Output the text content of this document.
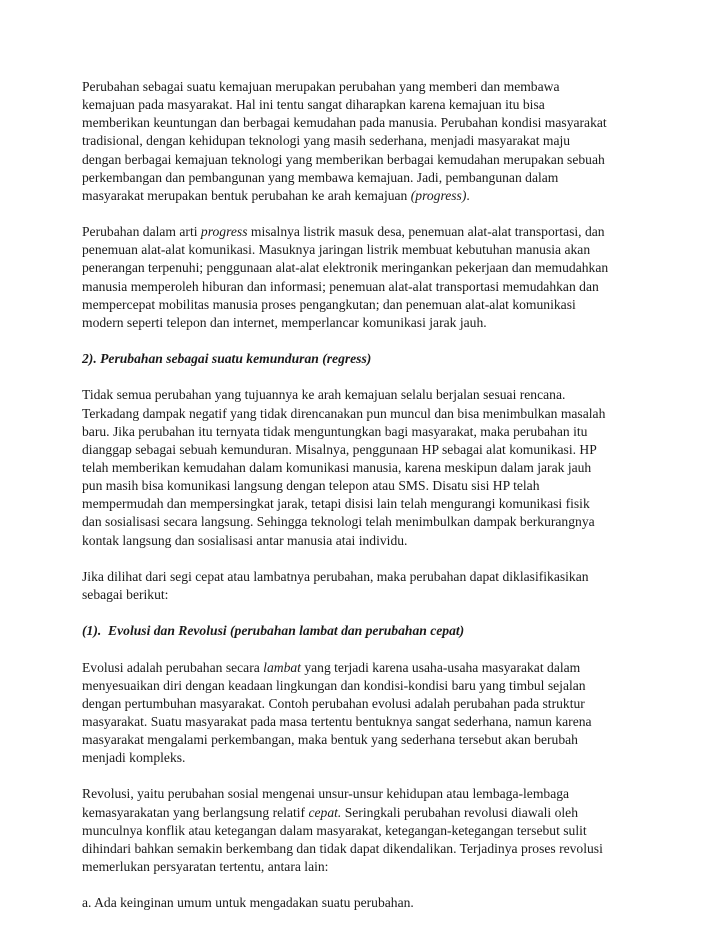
Perubahan sebagai suatu kemajuan merupakan perubahan yang memberi dan membawa
kemajuan pada masyarakat. Hal ini tentu sangat diharapkan karena kemajuan itu bisa
memberikan keuntungan dan berbagai kemudahan pada manusia. Perubahan kondisi masyarakat
tradisional, dengan kehidupan teknologi yang masih sederhana, menjadi masyarakat maju
dengan berbagai kemajuan teknologi yang memberikan berbagai kemudahan merupakan sebuah
perkembangan dan pembangunan yang membawa kemajuan. Jadi, pembangunan dalam
masyarakat merupakan bentuk perubahan ke arah kemajuan (progress).
Perubahan dalam arti progress misalnya listrik masuk desa, penemuan alat-alat transportasi, dan
penemuan alat-alat komunikasi. Masuknya jaringan listrik membuat kebutuhan manusia akan
penerangan terpenuhi; penggunaan alat-alat elektronik meringankan pekerjaan dan memudahkan
manusia memperoleh hiburan dan informasi; penemuan alat-alat transportasi memudahkan dan
mempercepat mobilitas manusia proses pengangkutan; dan penemuan alat-alat komunikasi
modern seperti telepon dan internet, memperlancar komunikasi jarak jauh.
2). Perubahan sebagai suatu kemunduran (regress)
Tidak semua perubahan yang tujuannya ke arah kemajuan selalu berjalan sesuai rencana.
Terkadang dampak negatif yang tidak direncanakan pun muncul dan bisa menimbulkan masalah
baru. Jika perubahan itu ternyata tidak menguntungkan bagi masyarakat, maka perubahan itu
dianggap sebagai sebuah kemunduran. Misalnya, penggunaan HP sebagai alat komunikasi. HP
telah memberikan kemudahan dalam komunikasi manusia, karena meskipun dalam jarak jauh
pun masih bisa komunikasi langsung dengan telepon atau SMS. Disatu sisi HP telah
mempermudah dan mempersingkat jarak, tetapi disisi lain telah mengurangi komunikasi fisik
dan sosialisasi secara langsung. Sehingga teknologi telah menimbulkan dampak berkurangnya
kontak langsung dan sosialisasi antar manusia atai individu.
Jika dilihat dari segi cepat atau lambatnya perubahan, maka perubahan dapat diklasifikasikan
sebagai berikut:
(1).  Evolusi dan Revolusi (perubahan lambat dan perubahan cepat)
Evolusi adalah perubahan secara lambat yang terjadi karena usaha-usaha masyarakat dalam
menyesuaikan diri dengan keadaan lingkungan dan kondisi-kondisi baru yang timbul sejalan
dengan pertumbuhan masyarakat. Contoh perubahan evolusi adalah perubahan pada struktur
masyarakat. Suatu masyarakat pada masa tertentu bentuknya sangat sederhana, namun karena
masyarakat mengalami perkembangan, maka bentuk yang sederhana tersebut akan berubah
menjadi kompleks.
Revolusi, yaitu perubahan sosial mengenai unsur-unsur kehidupan atau lembaga-lembaga
kemasyarakatan yang berlangsung relatif cepat. Seringkali perubahan revolusi diawali oleh
munculnya konflik atau ketegangan dalam masyarakat, ketegangan-ketegangan tersebut sulit
dihindari bahkan semakin berkembang dan tidak dapat dikendalikan. Terjadinya proses revolusi
memerlukan persyaratan tertentu, antara lain:
a. Ada keinginan umum untuk mengadakan suatu perubahan.
